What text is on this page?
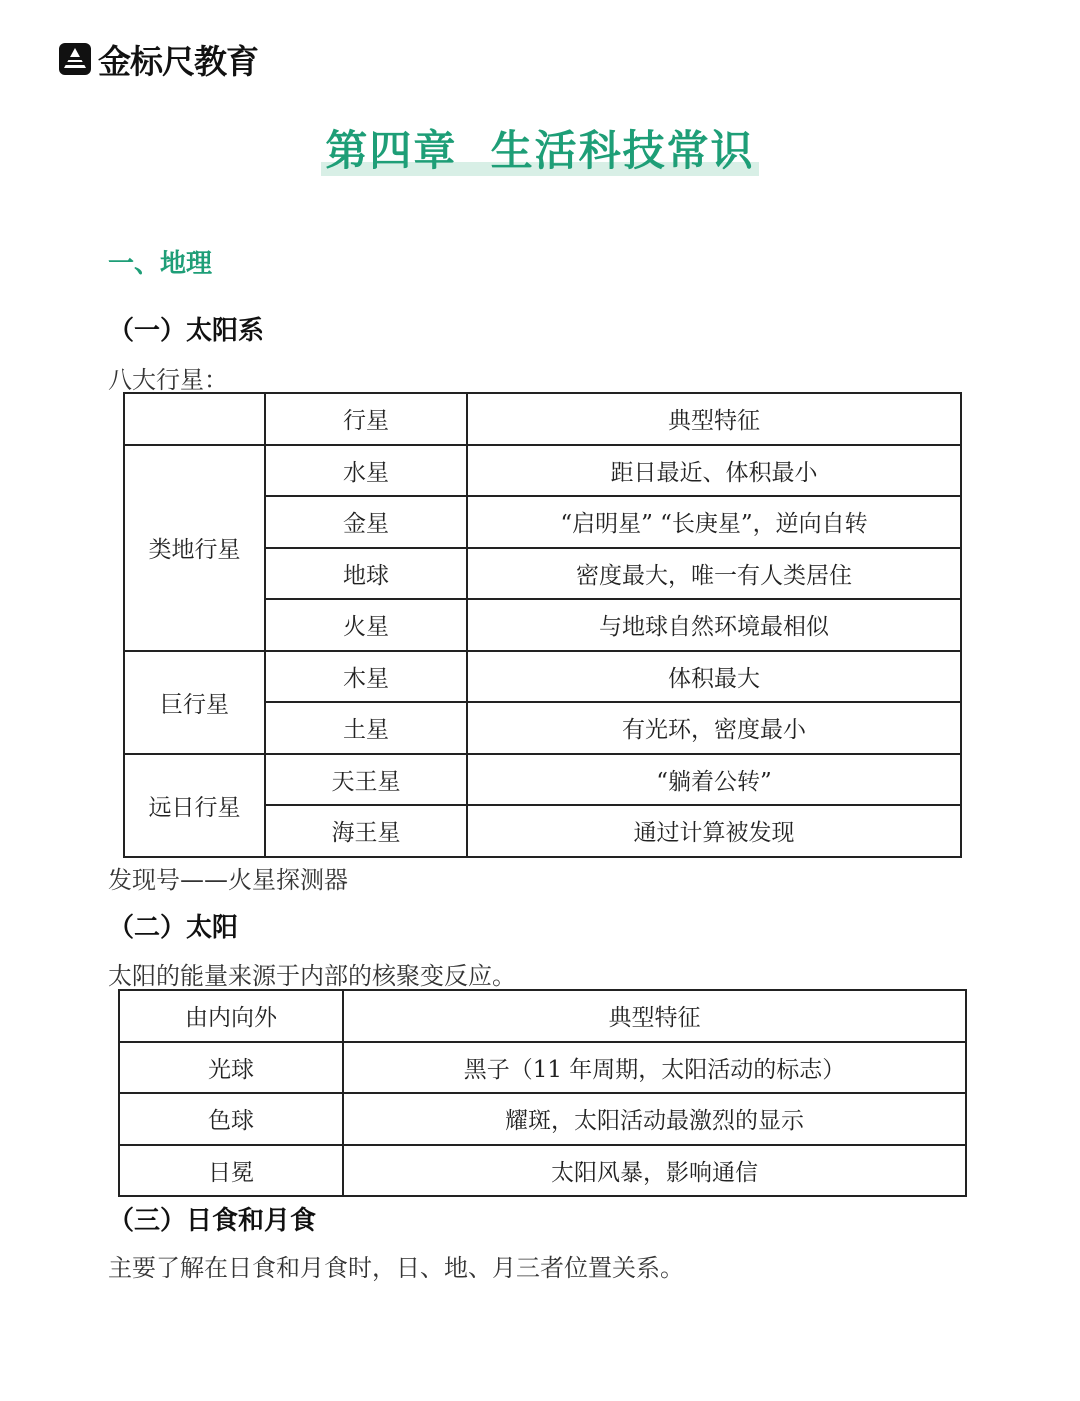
金标尺教育
第四章  生活科技常识
一、地理
（一）太阳系
八大行星：
	行星	典型特征
类地行星	水星	距日最近、体积最小
	金星	“启明星” “长庚星”，逆向自转
	地球	密度最大，唯一有人类居住
	火星	与地球自然环境最相似
巨行星	木星	体积最大
	土星	有光环，密度最小
远日行星	天王星	“躺着公转”
	海王星	通过计算被发现
发现号——火星探测器
（二）太阳
太阳的能量来源于内部的核聚变反应。
由内向外	典型特征
光球	黑子（11 年周期，太阳活动的标志）
色球	耀斑，太阳活动最激烈的显示
日冕	太阳风暴，影响通信
（三）日食和月食
主要了解在日食和月食时，日、地、月三者位置关系。
